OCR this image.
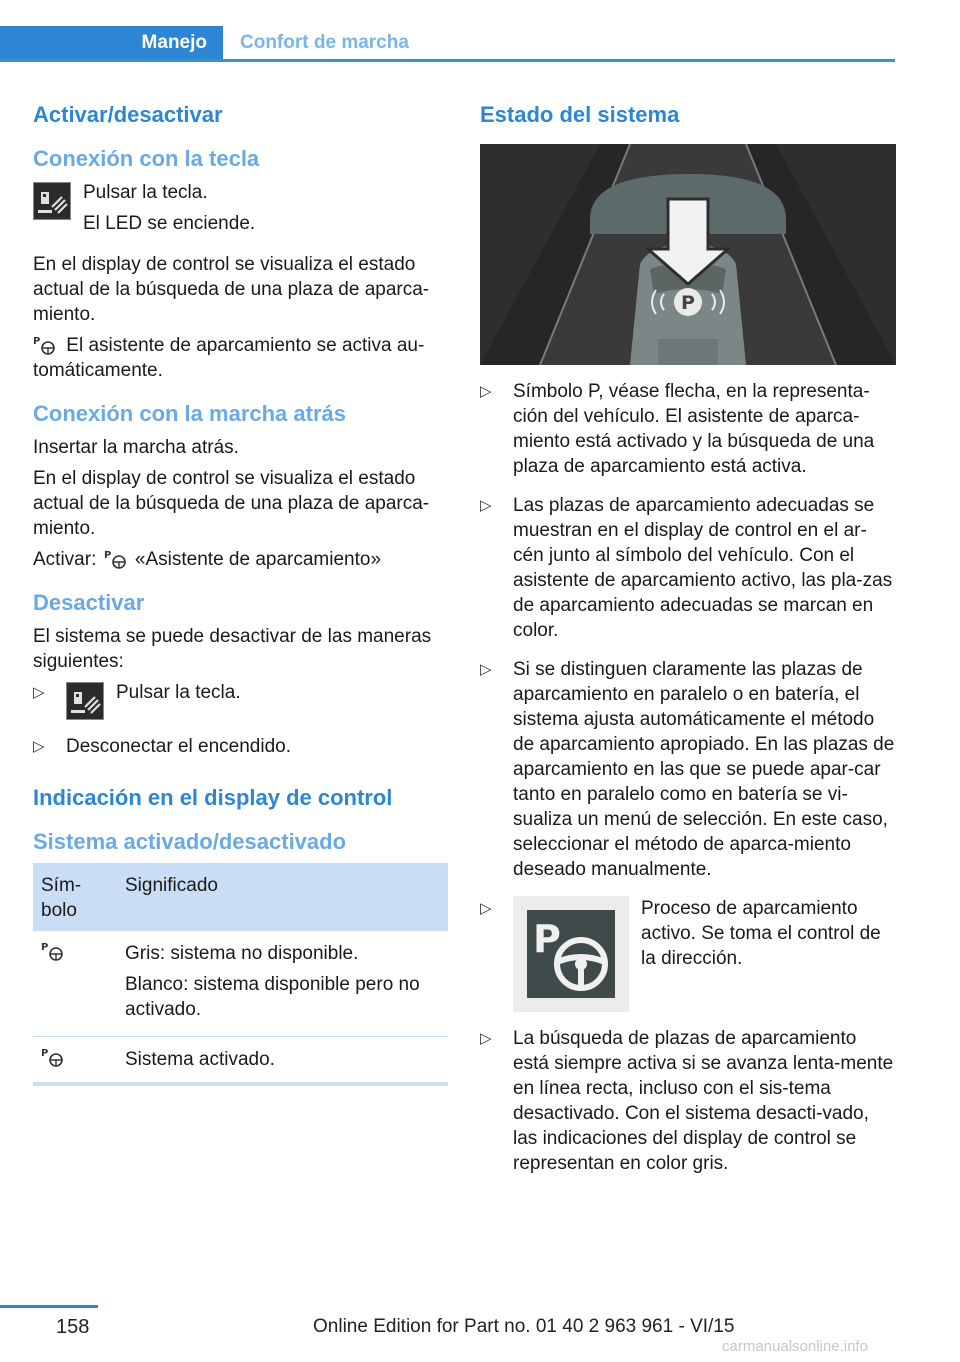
Manejo	Confort de marcha
Activar/desactivar
Conexión con la tecla

Pulsar la tecla.

El LED se enciende.

En el display de control se visualiza el estado actual de la búsqueda de una plaza de aparca‐miento.

P El asistente de aparcamiento se activa au‐tomáticamente.

Conexión con la marcha atrás

Insertar la marcha atrás.

En el display de control se visualiza el estado actual de la búsqueda de una plaza de aparca‐miento.

Activar: P «Asistente de aparcamiento»

Desactivar

El sistema se puede desactivar de las maneras siguientes:

▷ Pulsar la tecla.
▷ Desconectar el encendido.
Indicación en el display de control
Sistema activado/desactivado
Sím‐bolo	Significado

P	Gris: sistema no disponible.

Blanco: sistema disponible pero no activado.

P	Sistema activado.
Estado del sistema
P
▷ Símbolo P, véase flecha, en la representa‐ción del vehículo. El asistente de aparca‐miento está activado y la búsqueda de una plaza de aparcamiento está activa.
▷ Las plazas de aparcamiento adecuadas se muestran en el display de control en el ar‐cén junto al símbolo del vehículo. Con el asistente de aparcamiento activo, las pla‐zas de aparcamiento adecuadas se marcan en color.
▷ Si se distinguen claramente las plazas de aparcamiento en paralelo o en batería, el sistema ajusta automáticamente el método de aparcamiento apropiado. En las plazas de aparcamiento en las que se puede apar‐car tanto en paralelo como en batería se vi‐sualiza un menú de selección. En este caso, seleccionar el método de aparca‐miento deseado manualmente.
▷ P
Proceso de aparcamiento activo. Se toma el control de la dirección.
▷ La búsqueda de plazas de aparcamiento está siempre activa si se avanza lenta‐mente en línea recta, incluso con el sis‐tema desactivado. Con el sistema desacti‐vado, las indicaciones del display de control se representan en color gris.
158	Online Edition for Part no. 01 40 2 963 961 - VI/15
carmanualsonline.info
